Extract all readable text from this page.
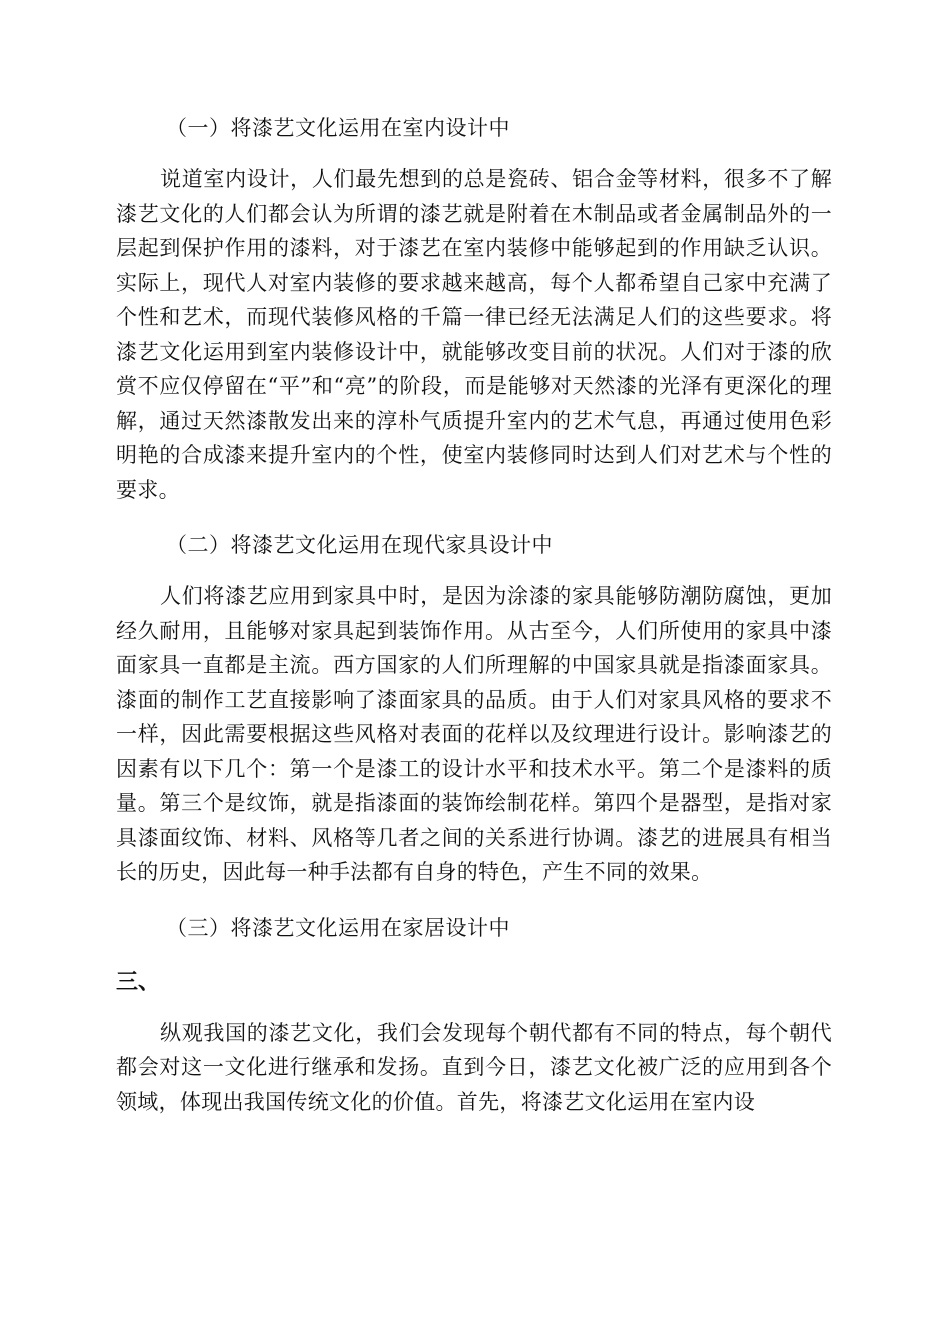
（一）将漆艺文化运用在室内设计中

说道室内设计，人们最先想到的总是瓷砖、铝合金等材料，很多不了解漆艺文化的人们都会认为所谓的漆艺就是附着在木制品或者金属制品外的一层起到保护作用的漆料，对于漆艺在室内装修中能够起到的作用缺乏认识。实际上，现代人对室内装修的要求越来越高，每个人都希望自己家中充满了个性和艺术，而现代装修风格的千篇一律已经无法满足人们的这些要求。将漆艺文化运用到室内装修设计中，就能够改变目前的状况。人们对于漆的欣赏不应仅停留在“平”和“亮”的阶段，而是能够对天然漆的光泽有更深化的理解，通过天然漆散发出来的淳朴气质提升室内的艺术气息，再通过使用色彩明艳的合成漆来提升室内的个性，使室内装修同时达到人们对艺术与个性的要求。

（二）将漆艺文化运用在现代家具设计中

人们将漆艺应用到家具中时，是因为涂漆的家具能够防潮防腐蚀，更加经久耐用，且能够对家具起到装饰作用。从古至今，人们所使用的家具中漆面家具一直都是主流。西方国家的人们所理解的中国家具就是指漆面家具。漆面的制作工艺直接影响了漆面家具的品质。由于人们对家具风格的要求不一样，因此需要根据这些风格对表面的花样以及纹理进行设计。影响漆艺的因素有以下几个：第一个是漆工的设计水平和技术水平。第二个是漆料的质量。第三个是纹饰，就是指漆面的装饰绘制花样。第四个是器型，是指对家具漆面纹饰、材料、风格等几者之间的关系进行协调。漆艺的进展具有相当长的历史，因此每一种手法都有自身的特色，产生不同的效果。

（三）将漆艺文化运用在家居设计中
三、

纵观我国的漆艺文化，我们会发现每个朝代都有不同的特点，每个朝代都会对这一文化进行继承和发扬。直到今日，漆艺文化被广泛的应用到各个领域，体现出我国传统文化的价值。首先，将漆艺文化运用在室内设
